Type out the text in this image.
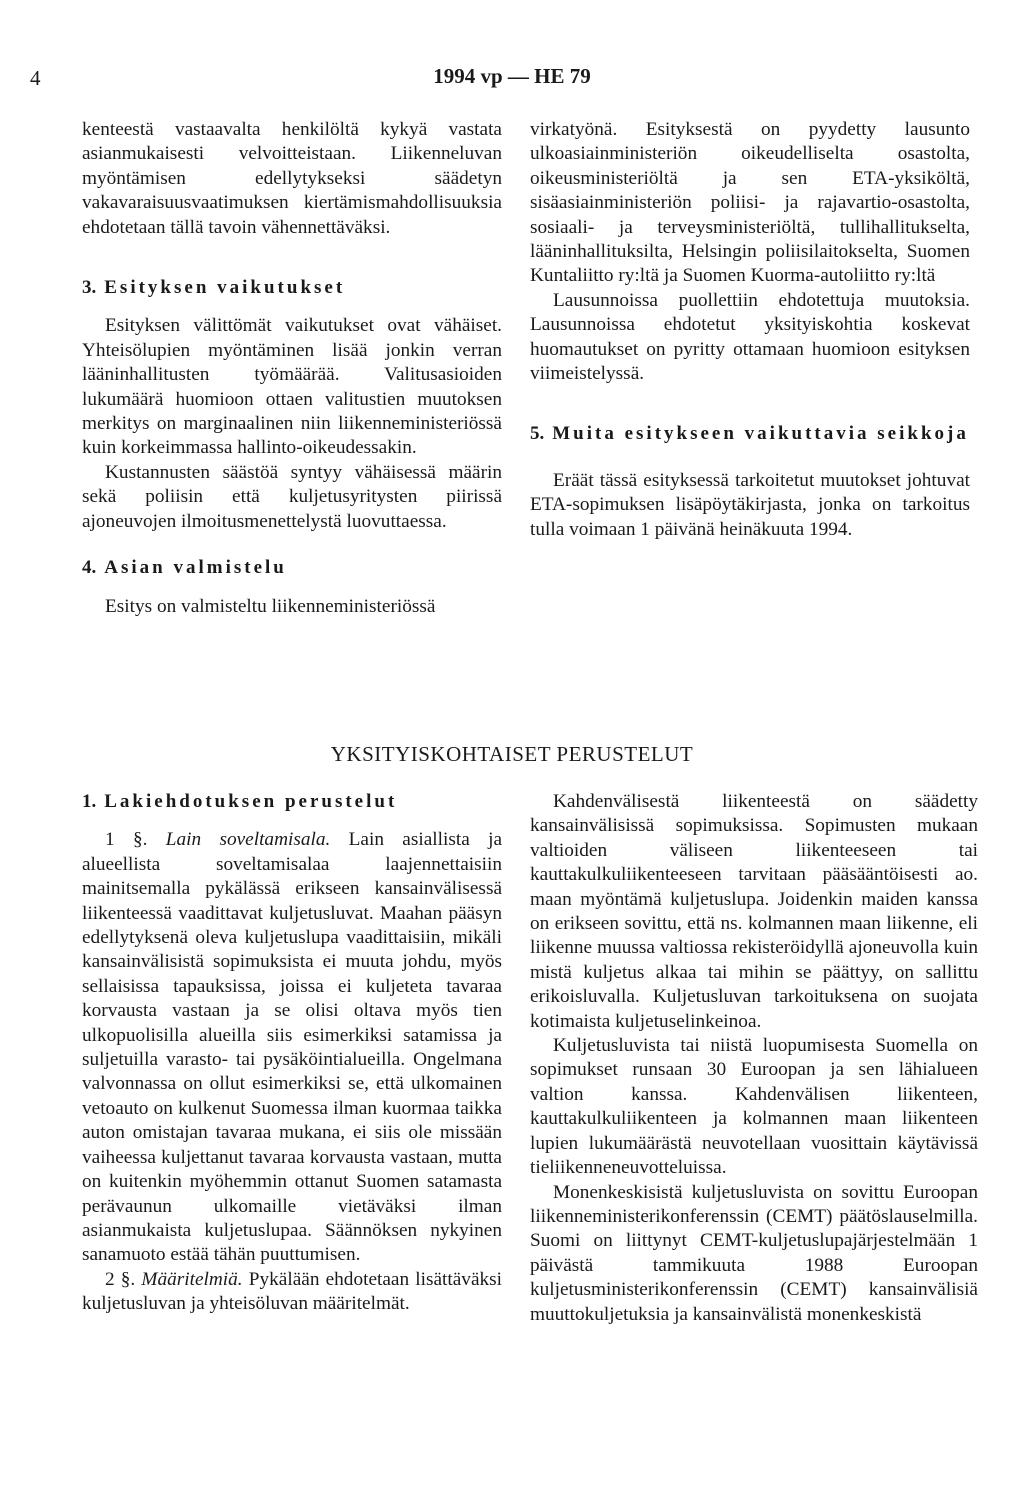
4	1994 vp — HE 79

kenteestä vastaavalta henkilöltä kykyä vastata asianmukaisesti velvoitteistaan. Liikenneluvan myöntämisen edellytykseksi säädetyn vakavaraisuusvaatimuksen kiertämismahdollisuuksia ehdotetaan tällä tavoin vähennettäväksi.

3. Esityksen vaikutukset

Esityksen välittömät vaikutukset ovat vähäiset. Yhteisölupien myöntäminen lisää jonkin verran lääninhallitusten työmäärää. Valitusasioiden lukumäärä huomioon ottaen valitustien muutoksen merkitys on marginaalinen niin liikenneministeriössä kuin korkeimmassa hallinto-oikeudessakin.

Kustannusten säästöä syntyy vähäisessä määrin sekä poliisin että kuljetusyritysten piirissä ajoneuvojen ilmoitusmenettelystä luovuttaessa.

4. Asian valmistelu

Esitys on valmisteltu liikenneministeriössä

virkatyönä. Esityksestä on pyydetty lausunto ulkoasiainministeriön oikeudelliselta osastolta, oikeusministeriöltä ja sen ETA-yksiköltä, sisäasiainministeriön poliisi- ja rajavartio-osastolta, sosiaali- ja terveysministeriöltä, tullihallitukselta, lääninhallituksilta, Helsingin poliisilaitokselta, Suomen Kuntaliitto ry:ltä ja Suomen Kuorma-autoliitto ry:ltä

Lausunnoissa puollettiin ehdotettuja muutoksia. Lausunnoissa ehdotetut yksityiskohtia koskevat huomautukset on pyritty ottamaan huomioon esityksen viimeistelyssä.

5. Muita esitykseen vaikuttavia seikkoja

Eräät tässä esityksessä tarkoitetut muutokset johtuvat ETA-sopimuksen lisäpöytäkirjasta, jonka on tarkoitus tulla voimaan 1 päivänä heinäkuuta 1994.

YKSITYISKOHTAISET PERUSTELUT
1. Lakiehdotuksen perustelut

1 §. Lain soveltamisala. Lain asiallista ja alueellista soveltamisalaa laajennettaisiin mainitsemalla pykälässä erikseen kansainvälisessä liikenteessä vaadittavat kuljetusluvat. Maahan pääsyn edellytyksenä oleva kuljetuslupa vaadittaisiin, mikäli kansainvälisistä sopimuksista ei muuta johdu, myös sellaisissa tapauksissa, joissa ei kuljeteta tavaraa korvausta vastaan ja se olisi oltava myös tien ulkopuolisilla alueilla siis esimerkiksi satamissa ja suljetuilla varasto- tai pysäköintialueilla. Ongelmana valvonnassa on ollut esimerkiksi se, että ulkomainen vetoauto on kulkenut Suomessa ilman kuormaa taikka auton omistajan tavaraa mukana, ei siis ole missään vaiheessa kuljettanut tavaraa korvausta vastaan, mutta on kuitenkin myöhemmin ottanut Suomen satamasta perävaunun ulkomaille vietäväksi ilman asianmukaista kuljetuslupaa. Säännöksen nykyinen sanamuoto estää tähän puuttumisen.

2 §. Määritelmiä. Pykälään ehdotetaan lisättäväksi kuljetusluvan ja yhteisöluvan määritelmät.

Kahdenvälisestä liikenteestä on säädetty kansainvälisissä sopimuksissa. Sopimusten mukaan valtioiden väliseen liikenteeseen tai kauttakulkuliikenteeseen tarvitaan pääsääntöisesti ao. maan myöntämä kuljetuslupa. Joidenkin maiden kanssa on erikseen sovittu, että ns. kolmannen maan liikenne, eli liikenne muussa valtiossa rekisteröidyllä ajoneuvolla kuin mistä kuljetus alkaa tai mihin se päättyy, on sallittu erikoisluvalla. Kuljetusluvan tarkoituksena on suojata kotimaista kuljetuselinkeinoa.

Kuljetusluvista tai niistä luopumisesta Suomella on sopimukset runsaan 30 Euroopan ja sen lähialueen valtion kanssa. Kahdenvälisen liikenteen, kauttakulkuliikenteen ja kolmannen maan liikenteen lupien lukumäärästä neuvotellaan vuosittain käytävissä tieliikenneneuvotteluissa.

Monenkeskisistä kuljetusluvista on sovittu Euroopan liikenneministerikonferenssin (CEMT) päätöslauselmilla. Suomi on liittynyt CEMT-kuljetuslupajärjestelmään 1 päivästä tammikuuta 1988 Euroopan kuljetusministerikonferenssin (CEMT) kansainvälisiä muuttokuljetuksia ja kansainvälistä monenkeskistä
